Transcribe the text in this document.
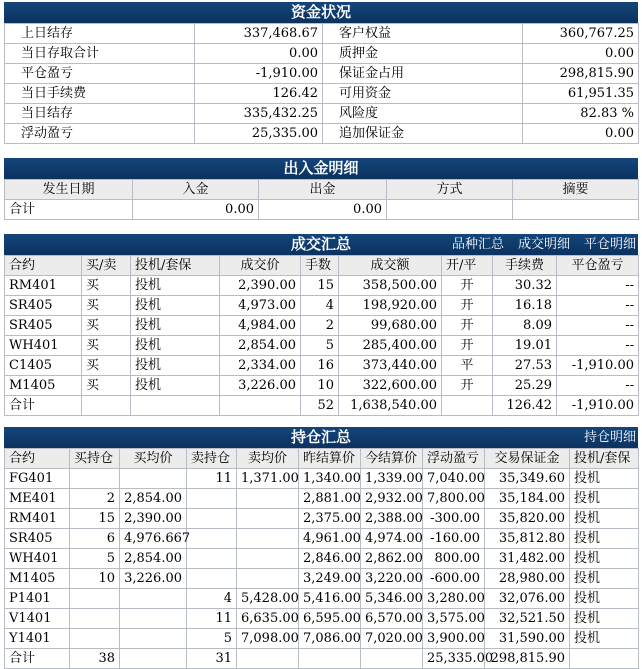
资金状况
上日结存	337,468.67	客户权益	360,767.25
当日存取合计	0.00	质押金	0.00
平仓盈亏	-1,910.00	保证金占用	298,815.90
当日手续费	126.42	可用资金	61,951.35
当日结存	335,432.25	风险度	82.83 %
浮动盈亏	25,335.00	追加保证金	0.00
出入金明细
发生日期	入金	出金	方式	摘要
合计	0.00	0.00		
成交汇总	品种汇总 成交明细 平仓明细
合约	买/卖	投机/套保	成交价	手数	成交额	开/平	手续费	平仓盈亏
RM401	买	投机	2,390.00	15	358,500.00	开	30.32	--
SR405	买	投机	4,973.00	4	198,920.00	开	16.18	--
SR405	买	投机	4,984.00	2	99,680.00	开	8.09	--
WH401	买	投机	2,854.00	5	285,400.00	开	19.01	--
C1405	买	投机	2,334.00	16	373,440.00	平	27.53	-1,910.00
M1405	买	投机	3,226.00	10	322,600.00	开	25.29	--
合计				52	1,638,540.00		126.42	-1,910.00
持仓汇总	持仓明细
合约	买持仓	买均价	卖持仓	卖均价	昨结算价	今结算价	浮动盈亏	交易保证金	投机/套保
FG401			11	1,371.00	1,340.00	1,339.00	7,040.00	35,349.60	投机
ME401	2	2,854.00			2,881.00	2,932.00	7,800.00	35,184.00	投机
RM401	15	2,390.00			2,375.00	2,388.00	-300.00	35,820.00	投机
SR405	6	4,976.667			4,961.00	4,974.00	-160.00	35,812.80	投机
WH401	5	2,854.00			2,846.00	2,862.00	800.00	31,482.00	投机
M1405	10	3,226.00			3,249.00	3,220.00	-600.00	28,980.00	投机
P1401			4	5,428.00	5,416.00	5,346.00	3,280.00	32,076.00	投机
V1401			11	6,635.00	6,595.00	6,570.00	3,575.00	32,521.50	投机
Y1401			5	7,098.00	7,086.00	7,020.00	3,900.00	31,590.00	投机
合计	38		31				25,335.00	298,815.90	
